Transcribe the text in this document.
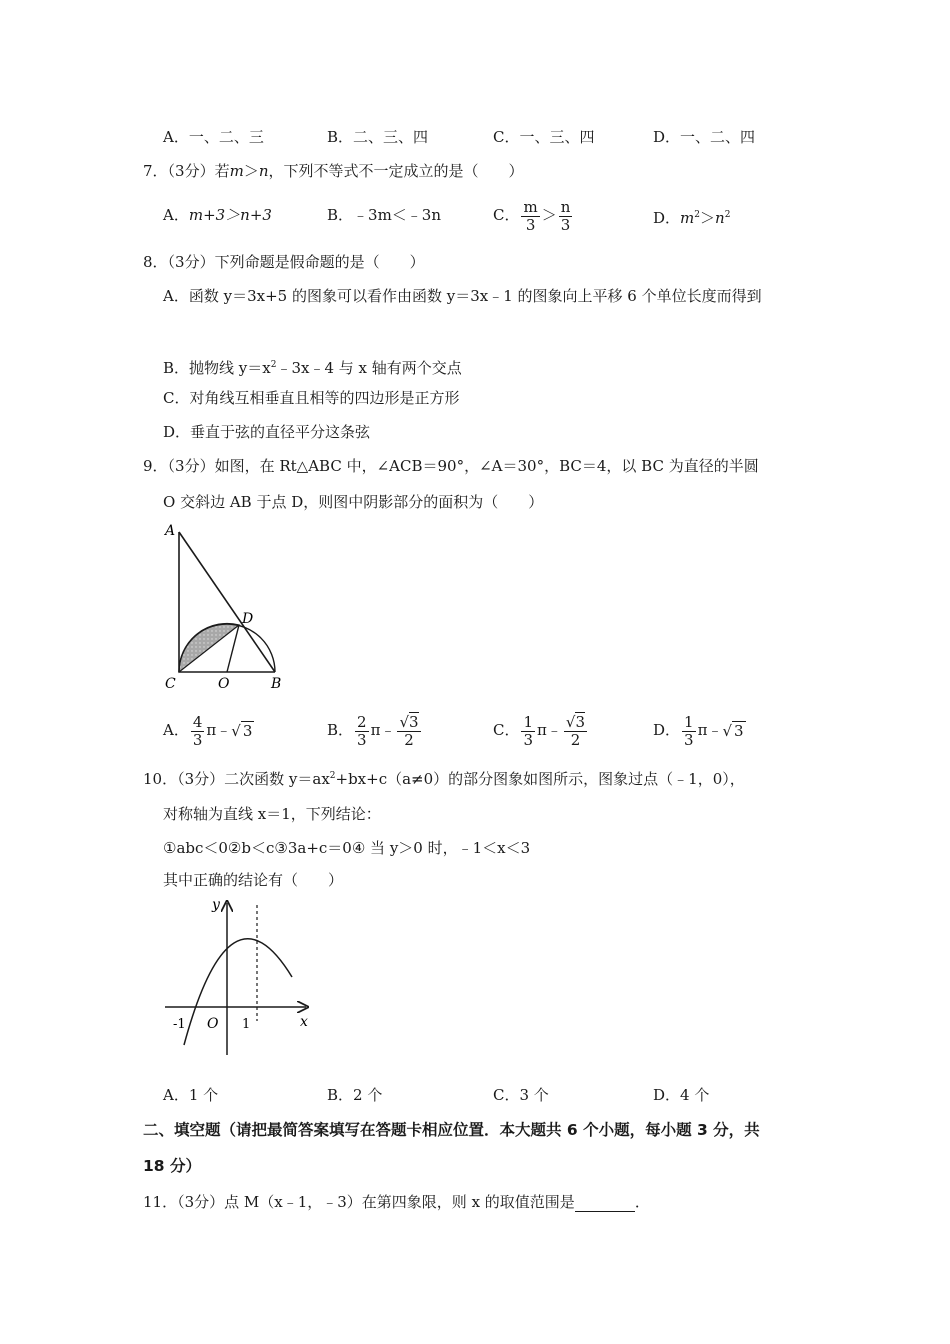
A．一、二、三	B．二、三、四	C．一、三、四	D．一、二、四
7．（3分）若m＞n，下列不等式不一定成立的是（　　）
A．m+3＞n+3	B．﹣3m＜﹣3n	C． $\frac{m}{3} > \frac{n}{3}$	D．$m^2>n^2$
8．（3分）下列命题是假命题的是（　　）
A．函数 y＝3x+5 的图象可以看作由函数 y＝3x﹣1 的图象向上平移 6 个单位长度而得到
B．抛物线 $y=x^2﹣3x﹣4$ 与 x 轴有两个交点
C．对角线互相垂直且相等的四边形是正方形
D．垂直于弦的直径平分这条弦
9．（3分）如图，在 Rt△ABC 中，∠ACB＝90°，∠A＝30°，BC＝4，以 BC 为直径的半圆
O 交斜边 AB 于点 D，则图中阴影部分的面积为（　　）
A
D
C	O	B
A． $\frac{4}{3}$ π﹣√ 3	B． $\frac{2}{3}$ π﹣ $\frac{√3}{2}$	C． $\frac{1}{3}$ π﹣ $\frac{√3}{2}$	D． $\frac{1}{3}$ π﹣√ 3
10．（3分）二次函数 $y=ax^2+bx+c(a\ne 0)$的部分图象如图所示，图象过点（﹣1，0），
对称轴为直线 x＝1，下列结论：
①abc＜0②b＜c③3a+c＝0④ 当 y＞0 时，﹣1＜x＜3
其中正确的结论有（　　）
y
x
-1 O 1
A．1 个	B．2 个	C．3 个	D．4 个
二、填空题（请把最简答案填写在答题卡相应位置．本大题共 6 个小题，每小题 3 分，共
18 分）
11．（3分）点 M（x﹣1，﹣3）在第四象限，则 x 的取值范围是	．
